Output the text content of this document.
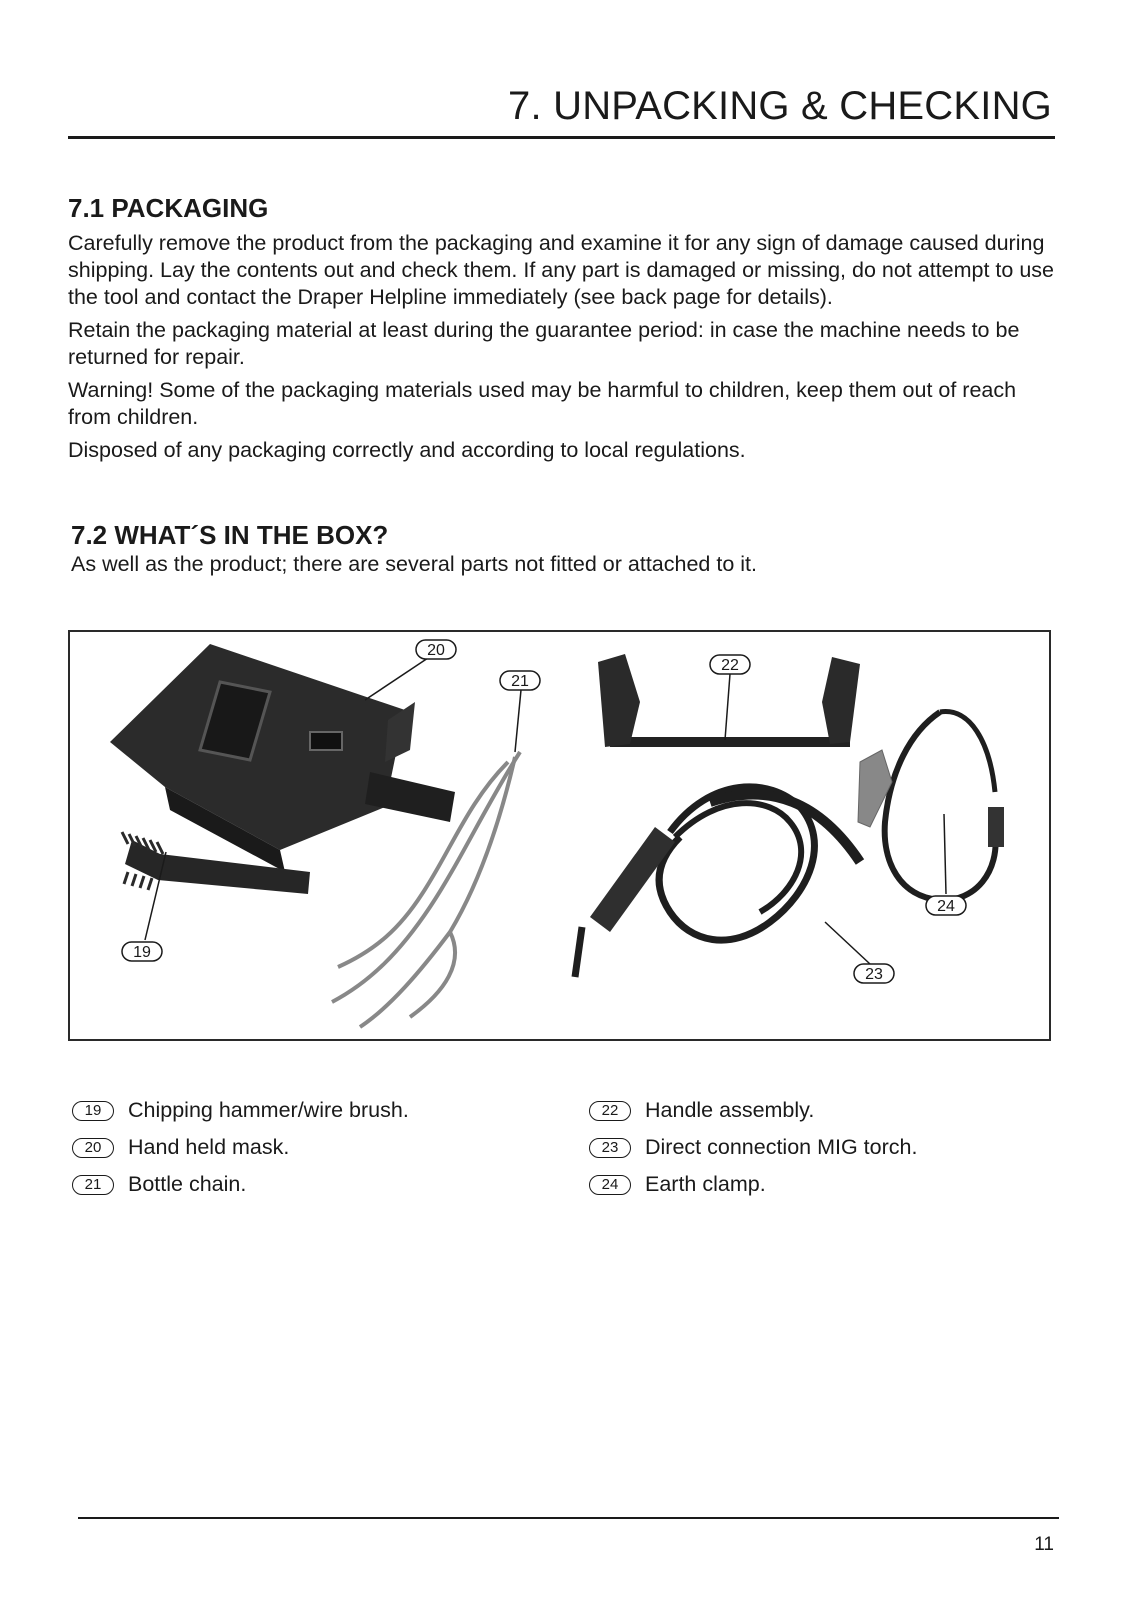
7. UNPACKING & CHECKING
7.1 PACKAGING

Carefully remove the product from the packaging and examine it for any sign of damage caused during shipping. Lay the contents out and check them. If any part is damaged or missing, do not attempt to use the tool and contact the Draper Helpline immediately (see back page for details).

Retain the packaging material at least during the guarantee period: in case the machine needs to be returned for repair.

Warning! Some of the packaging materials used may be harmful to children, keep them out of reach from children.

Disposed of any packaging correctly and according to local regulations.

7.2 WHAT´S IN THE BOX?

As well as the product; there are several parts not fitted or attached to it.

20
21
22
24
19
23
19	Chipping hammer/wire brush.
20	Hand held mask.
21	Bottle chain.
22	Handle assembly.
23	Direct connection MIG torch.
24	Earth clamp.
11
